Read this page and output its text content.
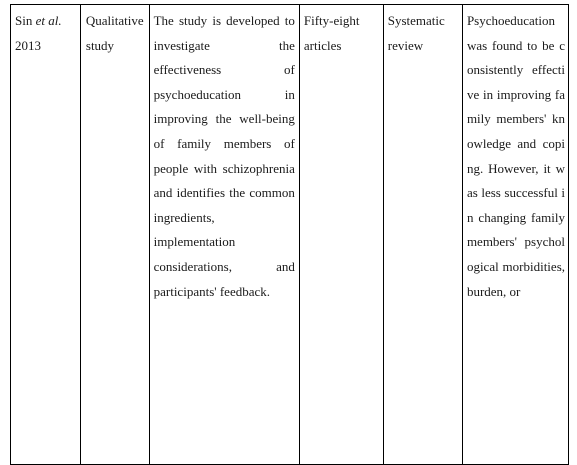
Sin et al.
2013	Qualitative study	The study is developed to investigate the effectiveness of psychoeducation in improving the well-being of family members of people with schizophrenia and identifies the common ingredients, implementation considerations, and participants' feedback.	Fifty-eight articles	Systematic review	Psychoeducation was found to be consistently effective in improving family members' knowledge and coping. However, it was less successful in changing family members' psychological morbidities, burden, or
